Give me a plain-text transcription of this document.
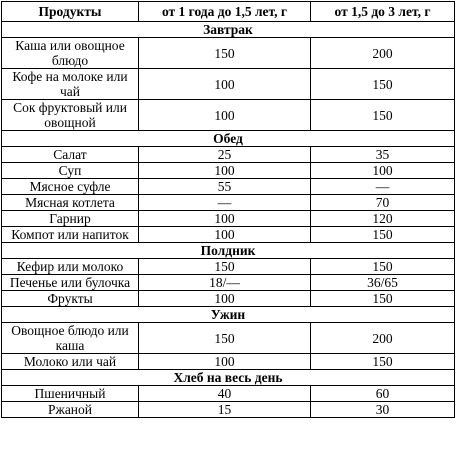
Продукты	от 1 года до 1,5 лет, г	от 1,5 до 3 лет, г
Завтрак		
Каша или овощное блюдо	150	200
Кофе на молоке или чай	100	150
Сок фруктовый или овощной	100	150
Обед		
Салат	25	35
Суп	100	100
Мясное суфле	55	—
Мясная котлета	—	70
Гарнир	100	120
Компот или напиток	100	150
Полдник		
Кефир или молоко	150	150
Печенье или булочка	18/—	36/65
Фрукты	100	150
Ужин		
Овощное блюдо или каша	150	200
Молоко или чай	100	150
Хлеб на весь день		
Пшеничный	40	60
Ржаной	15	30
